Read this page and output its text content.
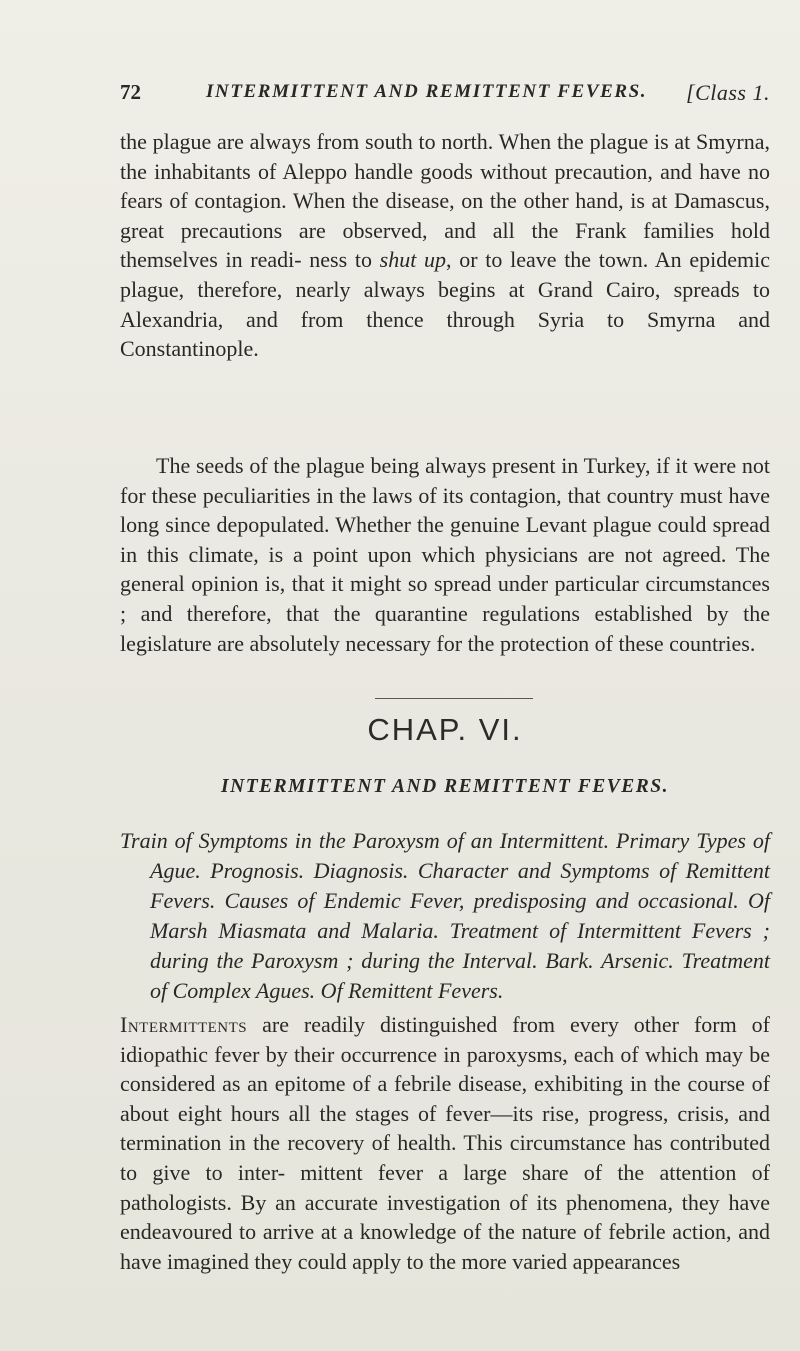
72	INTERMITTENT AND REMITTENT FEVERS. [Class 1.

the plague are always from south to north. When the plague is at Smyrna, the inhabitants of Aleppo handle goods without precaution, and have no fears of contagion. When the disease, on the other hand, is at Damascus, great precautions are observed, and all the Frank families hold themselves in readi- ness to shut up, or to leave the town. An epidemic plague, therefore, nearly always begins at Grand Cairo, spreads to Alexandria, and from thence through Syria to Smyrna and Constantinople.

The seeds of the plague being always present in Turkey, if it were not for these peculiarities in the laws of its contagion, that country must have long since depopulated. Whether the genuine Levant plague could spread in this climate, is a point upon which physicians are not agreed. The general opinion is, that it might so spread under particular circumstances ; and therefore, that the quarantine regulations established by the legislature are absolutely necessary for the protection of these countries.

CHAP. VI.
INTERMITTENT AND REMITTENT FEVERS.

Train of Symptoms in the Paroxysm of an Intermittent. Primary Types of Ague. Prognosis. Diagnosis. Character and Symptoms of Remittent Fevers. Causes of Endemic Fever, predisposing and occasional. Of Marsh Miasmata and Malaria. Treatment of Intermittent Fevers ; during the Paroxysm ; during the Interval. Bark. Arsenic. Treatment of Complex Agues. Of Remittent Fevers.

Intermittents are readily distinguished from every other form of idiopathic fever by their occurrence in paroxysms, each of which may be considered as an epitome of a febrile disease, exhibiting in the course of about eight hours all the stages of fever—its rise, progress, crisis, and termination in the recovery of health. This circumstance has contributed to give to inter- mittent fever a large share of the attention of pathologists. By an accurate investigation of its phenomena, they have endeavoured to arrive at a knowledge of the nature of febrile action, and have imagined they could apply to the more varied appearances
